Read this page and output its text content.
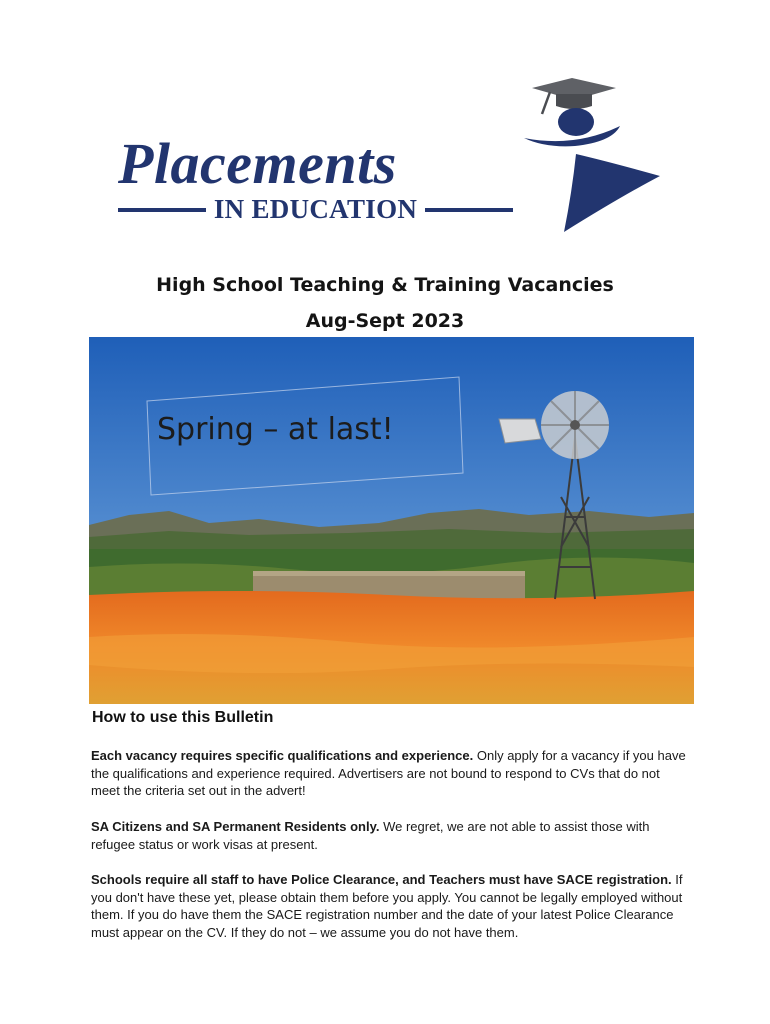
Placements
IN EDUCATION
High School Teaching & Training Vacancies
Aug-Sept 2023
Spring – at last!
How to use this Bulletin
Each vacancy requires specific qualifications and experience. Only apply for a vacancy if you have the qualifications and experience required. Advertisers are not bound to respond to CVs that do not meet the criteria set out in the advert!
SA Citizens and SA Permanent Residents only. We regret, we are not able to assist those with refugee status or work visas at present.
Schools require all staff to have Police Clearance, and Teachers must have SACE registration. If you don't have these yet, please obtain them before you apply. You cannot be legally employed without them. If you do have them the SACE registration number and the date of your latest Police Clearance must appear on the CV. If they do not – we assume you do not have them.
